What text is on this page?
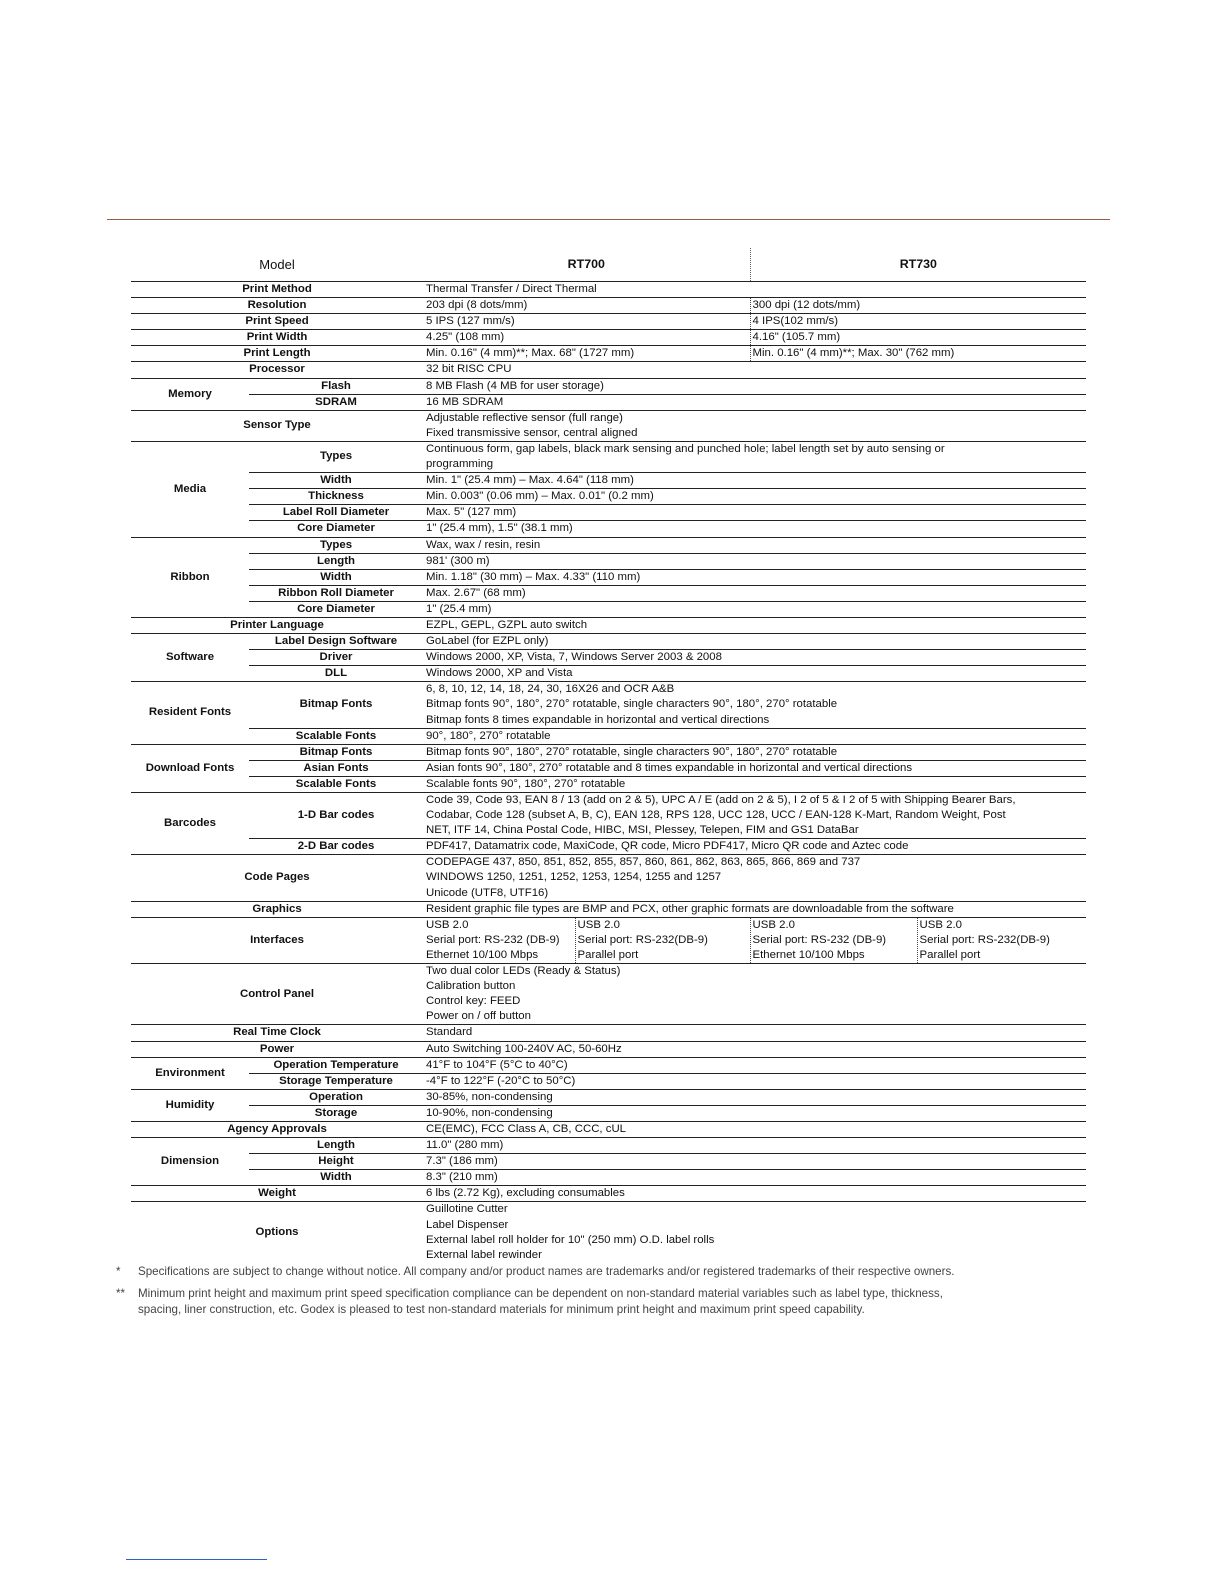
Model		RT700		RT730	
Print Method		Thermal Transfer / Direct Thermal			
Resolution		203 dpi (8 dots/mm)		300 dpi (12 dots/mm)	
Print Speed		5 IPS (127 mm/s)		4 IPS(102 mm/s)	
Print Width		4.25" (108 mm)		4.16" (105.7 mm)	
Print Length		Min. 0.16" (4 mm)**; Max. 68" (1727 mm)		Min. 0.16" (4 mm)**; Max. 30" (762 mm)	
Processor		32 bit RISC CPU			
Memory	Flash	8 MB Flash (4 MB for user storage)			
	SDRAM	16 MB SDRAM			
Sensor Type		Adjustable reflective sensor (full range)
Fixed transmissive sensor, central aligned			

Media	Types	Continuous form, gap labels, black mark sensing and punched hole; label length set by auto sensing or
programming			

	Width	Min. 1" (25.4 mm) – Max. 4.64" (118 mm)			
	Thickness	Min. 0.003" (0.06 mm) – Max. 0.01" (0.2 mm)			
	Label Roll Diameter	Max. 5" (127 mm)			
	Core Diameter	1" (25.4 mm), 1.5" (38.1 mm)			
Ribbon	Types	Wax, wax / resin, resin			
	Length	981' (300 m)			
	Width	Min. 1.18" (30 mm) – Max. 4.33" (110 mm)			
	Ribbon Roll Diameter	Max. 2.67" (68 mm)			
	Core Diameter	1" (25.4 mm)			
Printer Language		EZPL, GEPL, GZPL auto switch			
Software	Label Design Software	GoLabel (for EZPL only)			
	Driver	Windows 2000, XP, Vista, 7, Windows Server 2003 & 2008			
	DLL	Windows 2000, XP and Vista			
Resident Fonts	Bitmap Fonts	6, 8, 10, 12, 14, 18, 24, 30, 16X26 and OCR A&B
Bitmap fonts 90°, 180°, 270° rotatable, single characters 90°, 180°, 270° rotatable
Bitmap fonts 8 times expandable in horizontal and vertical directions			

	Scalable Fonts	90°, 180°, 270° rotatable			
Download Fonts	Bitmap Fonts	Bitmap fonts 90°, 180°, 270° rotatable, single characters 90°, 180°, 270° rotatable			
	Asian Fonts	Asian fonts 90°, 180°, 270° rotatable and 8 times expandable in horizontal and vertical directions			
	Scalable Fonts	Scalable fonts 90°, 180°, 270° rotatable			
Barcodes	1-D Bar codes	Code 39, Code 93, EAN 8 / 13 (add on 2 & 5), UPC A / E (add on 2 & 5), I 2 of 5 & I 2 of 5 with Shipping Bearer Bars,
Codabar, Code 128 (subset A, B, C), EAN 128, RPS 128, UCC 128, UCC / EAN-128 K-Mart, Random Weight, Post
NET, ITF 14, China Postal Code, HIBC, MSI, Plessey, Telepen, FIM and GS1 DataBar			

	2-D Bar codes	PDF417, Datamatrix code, MaxiCode, QR code, Micro PDF417, Micro QR code and Aztec code			
Code Pages		CODEPAGE 437, 850, 851, 852, 855, 857, 860, 861, 862, 863, 865, 866, 869 and 737
WINDOWS 1250, 1251, 1252, 1253, 1254, 1255 and 1257
Unicode (UTF8, UTF16)			

Graphics		Resident graphic file types are BMP and PCX, other graphic formats are downloadable from the software			
Interfaces		USB 2.0
Serial port: RS-232 (DB-9)
Ethernet 10/100 Mbps	USB 2.0
Serial port: RS-232(DB-9)
Parallel port	USB 2.0
Serial port: RS-232 (DB-9)
Ethernet 10/100 Mbps	USB 2.0
Serial port: RS-232(DB-9)
Parallel port

Control Panel		Two dual color LEDs (Ready & Status)
Calibration button
Control key: FEED
Power on / off button			

Real Time Clock		Standard			
Power		Auto Switching 100-240V AC, 50-60Hz			
Environment	Operation Temperature	41°F to 104°F (5°C to 40°C)			
	Storage Temperature	-4°F to 122°F (-20°C to 50°C)			
Humidity	Operation	30-85%, non-condensing			
	Storage	10-90%, non-condensing			
Agency Approvals		CE(EMC), FCC Class A, CB, CCC, cUL			
Dimension	Length	11.0" (280 mm)			
	Height	7.3" (186 mm)			
	Width	8.3" (210 mm)			
Weight		6 lbs (2.72 Kg), excluding consumables			
Options		Guillotine Cutter
Label Dispenser
External label roll holder for 10" (250 mm) O.D. label rolls
External label rewinder			
* Specifications are subject to change without notice. All company and/or product names are trademarks and/or registered trademarks of their respective owners.
** Minimum print height and maximum print speed specification compliance can be dependent on non-standard material variables such as label type, thickness,
spacing, liner construction, etc. Godex is pleased to test non-standard materials for minimum print height and maximum print speed capability.
